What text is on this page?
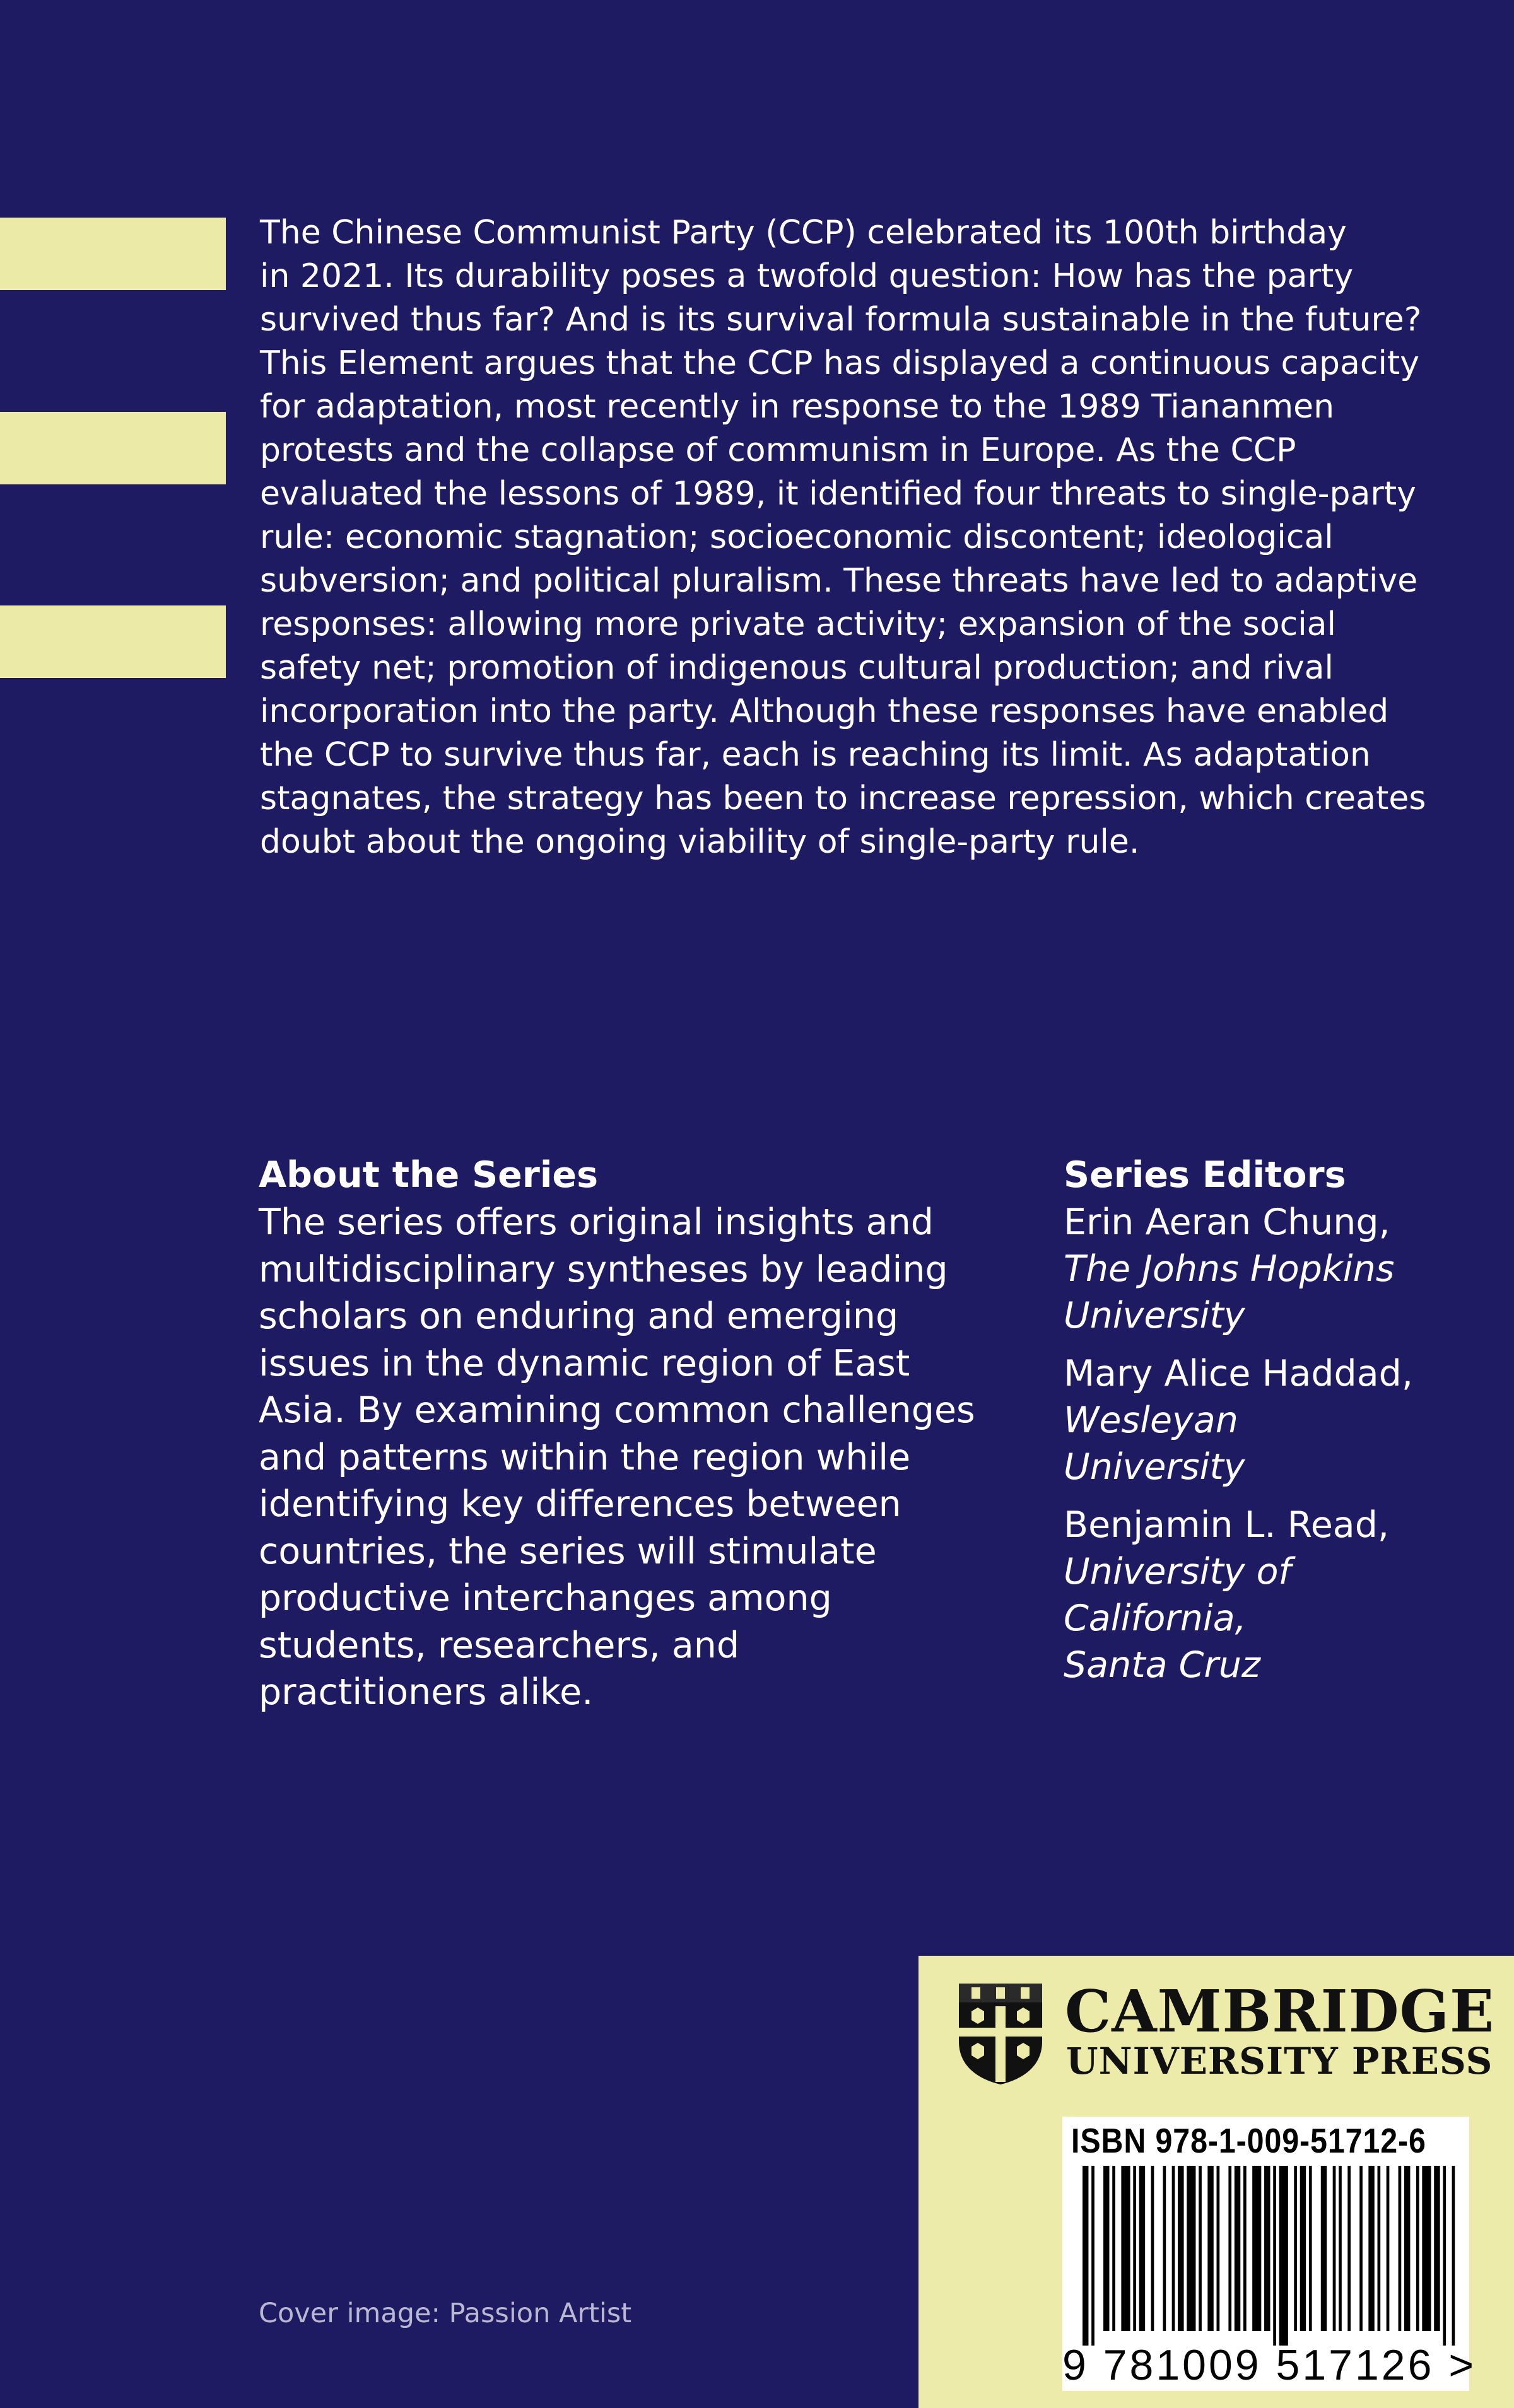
The Chinese Communist Party (CCP) celebrated its 100th birthday
in 2021. Its durability poses a twofold question: How has the party
survived thus far? And is its survival formula sustainable in the future?
This Element argues that the CCP has displayed a continuous capacity
for adaptation, most recently in response to the 1989 Tiananmen
protests and the collapse of communism in Europe. As the CCP
evaluated the lessons of 1989, it identified four threats to single-party
rule: economic stagnation; socioeconomic discontent; ideological
subversion; and political pluralism. These threats have led to adaptive
responses: allowing more private activity; expansion of the social
safety net; promotion of indigenous cultural production; and rival
incorporation into the party. Although these responses have enabled
the CCP to survive thus far, each is reaching its limit. As adaptation
stagnates, the strategy has been to increase repression, which creates
doubt about the ongoing viability of single-party rule.

About the Series

The series offers original insights and
multidisciplinary syntheses by leading
scholars on enduring and emerging
issues in the dynamic region of East
Asia. By examining common challenges
and patterns within the region while
identifying key differences between
countries, the series will stimulate
productive interchanges among
students, researchers, and
practitioners alike.

Series Editors

Erin Aeran Chung,
The Johns Hopkins
University
Mary Alice Haddad,
Wesleyan
University
Benjamin L. Read,
University of
California,
Santa Cruz
Cover image: Passion Artist
CAMBRIDGE
UNIVERSITY PRESS
ISBN 978-1-009-51712-6
9 781009 517126 >
